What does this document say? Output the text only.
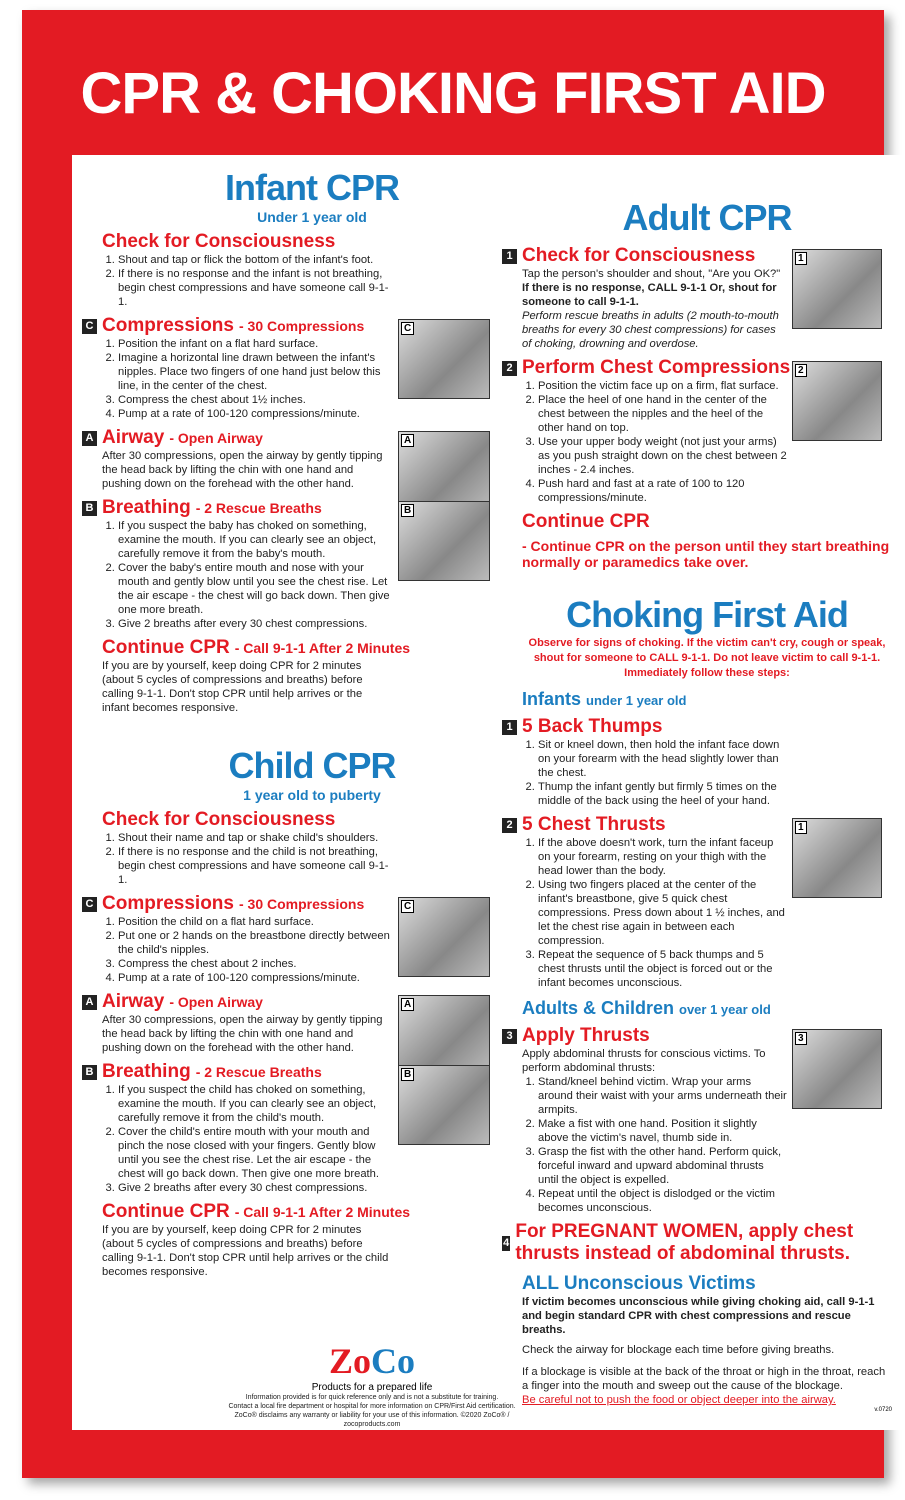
CPR & CHOKING FIRST AID
Infant CPR
Under 1 year old
Check for Consciousness
1. Shout and tap or flick the bottom of the infant's foot.
2. If there is no response and the infant is not breathing, begin chest compressions and have someone call 9-1-1.
C
C Compressions - 30 Compressions
1. Position the infant on a flat hard surface.
2. Imagine a horizontal line drawn between the infant's nipples. Place two fingers of one hand just below this line, in the center of the chest.
3. Compress the chest about 1½ inches.
4. Pump at a rate of 100-120 compressions/minute.
A
A Airway - Open Airway
After 30 compressions, open the airway by gently tipping the head back by lifting the chin with one hand and pushing down on the forehead with the other hand.
B
B Breathing - 2 Rescue Breaths
1. If you suspect the baby has choked on something, examine the mouth. If you can clearly see an object, carefully remove it from the baby's mouth.
2. Cover the baby's entire mouth and nose with your mouth and gently blow until you see the chest rise. Let the air escape - the chest will go back down. Then give one more breath.
3. Give 2 breaths after every 30 chest compressions.
Continue CPR - Call 9-1-1 After 2 Minutes
If you are by yourself, keep doing CPR for 2 minutes (about 5 cycles of compressions and breaths) before calling 9-1-1. Don't stop CPR until help arrives or the infant becomes responsive.
Child CPR
1 year old to puberty
Check for Consciousness
1. Shout their name and tap or shake child's shoulders.
2. If there is no response and the child is not breathing, begin chest compressions and have someone call 9-1-1.
C
C Compressions - 30 Compressions
1. Position the child on a flat hard surface.
2. Put one or 2 hands on the breastbone directly between the child's nipples.
3. Compress the chest about 2 inches.
4. Pump at a rate of 100-120 compressions/minute.
A
A Airway - Open Airway
After 30 compressions, open the airway by gently tipping the head back by lifting the chin with one hand and pushing down on the forehead with the other hand.
B
B Breathing - 2 Rescue Breaths
1. If you suspect the child has choked on something, examine the mouth. If you can clearly see an object, carefully remove it from the child's mouth.
2. Cover the child's entire mouth with your mouth and pinch the nose closed with your fingers. Gently blow until you see the chest rise. Let the air escape - the chest will go back down. Then give one more breath.
3. Give 2 breaths after every 30 chest compressions.
Continue CPR - Call 9-1-1 After 2 Minutes
If you are by yourself, keep doing CPR for 2 minutes (about 5 cycles of compressions and breaths) before calling 9-1-1. Don't stop CPR until help arrives or the child becomes responsive.
Adult CPR
1
1 Check for Consciousness
Tap the person's shoulder and shout, "Are you OK?"
If there is no response, CALL 9-1-1 Or, shout for someone to call 9-1-1.
Perform rescue breaths in adults (2 mouth-to-mouth breaths for every 30 chest compressions) for cases of choking, drowning and overdose.
2
2 Perform Chest Compressions
1. Position the victim face up on a firm, flat surface.
2. Place the heel of one hand in the center of the chest between the nipples and the heel of the other hand on top.
3. Use your upper body weight (not just your arms) as you push straight down on the chest between 2 inches - 2.4 inches.
4. Push hard and fast at a rate of 100 to 120 compressions/minute.
Continue CPR
- Continue CPR on the person until they start breathing normally or paramedics take over.
Choking First Aid
Observe for signs of choking. If the victim can't cry, cough or speak, shout for someone to CALL 9-1-1. Do not leave victim to call 9-1-1. Immediately follow these steps:
Infants under 1 year old
1 5 Back Thumps
1. Sit or kneel down, then hold the infant face down on your forearm with the head slightly lower than the chest.
2. Thump the infant gently but firmly 5 times on the middle of the back using the heel of your hand.
1
2 5 Chest Thrusts
1. If the above doesn't work, turn the infant faceup on your forearm, resting on your thigh with the head lower than the body.
2. Using two fingers placed at the center of the infant's breastbone, give 5 quick chest compressions. Press down about 1 ½ inches, and let the chest rise again in between each compression.
3. Repeat the sequence of 5 back thumps and 5 chest thrusts until the object is forced out or the infant becomes unconscious.
Adults & Children over 1 year old
3
3 Apply Thrusts
Apply abdominal thrusts for conscious victims. To perform abdominal thrusts:
1. Stand/kneel behind victim. Wrap your arms around their waist with your arms underneath their armpits.
2. Make a fist with one hand. Position it slightly above the victim's navel, thumb side in.
3. Grasp the fist with the other hand. Perform quick, forceful inward and upward abdominal thrusts until the object is expelled.
4. Repeat until the object is dislodged or the victim becomes unconscious.
4
For PREGNANT WOMEN, apply chest thrusts instead of abdominal thrusts.
ALL Unconscious Victims
If victim becomes unconscious while giving choking aid, call 9-1-1 and begin standard CPR with chest compressions and rescue breaths.
Check the airway for blockage each time before giving breaths.
If a blockage is visible at the back of the throat or high in the throat, reach a finger into the mouth and sweep out the cause of the blockage.
Be careful not to push the food or object deeper into the airway.
v.0720
ZoCo
Products for a prepared life
Information provided is for quick reference only and is not a substitute for training.
Contact a local fire department or hospital for more information on CPR/First Aid certification.
ZoCo® disclaims any warranty or liability for your use of this information. ©2020 ZoCo® / zocoproducts.com
